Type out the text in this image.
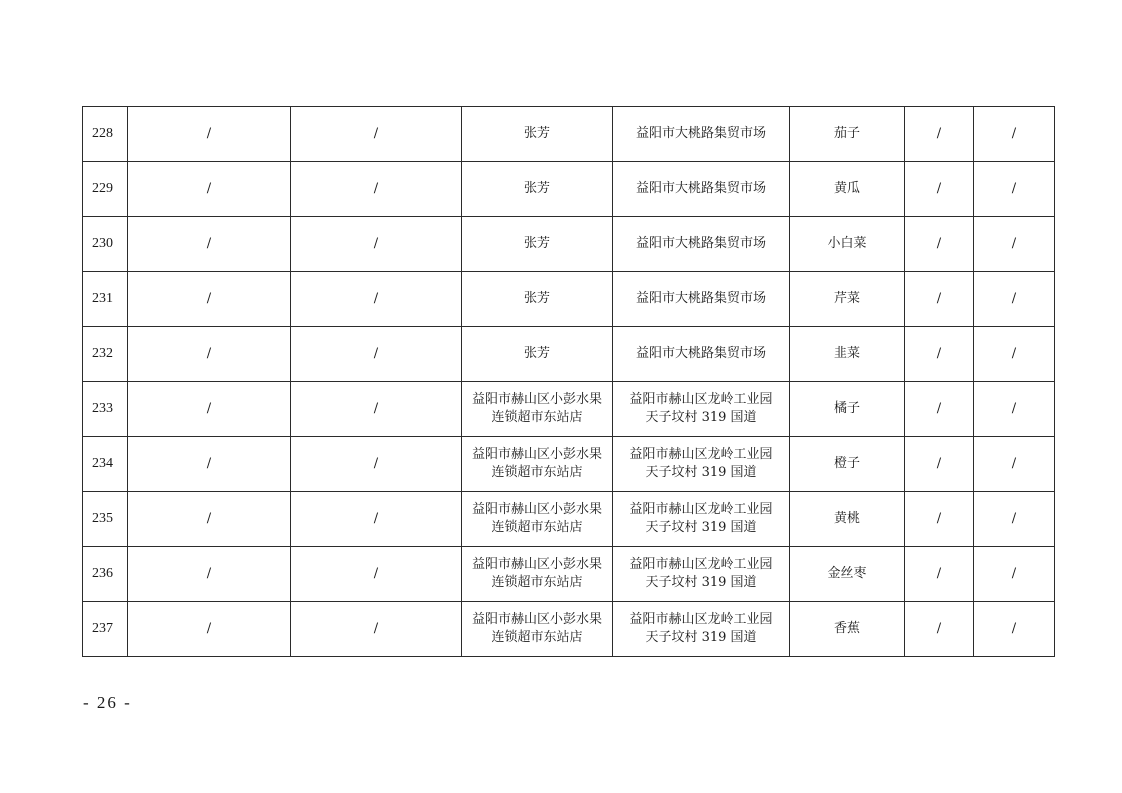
228	/	/	张芳	益阳市大桃路集贸市场	茄子	/	/
229	/	/	张芳	益阳市大桃路集贸市场	黄瓜	/	/
230	/	/	张芳	益阳市大桃路集贸市场	小白菜	/	/
231	/	/	张芳	益阳市大桃路集贸市场	芹菜	/	/
232	/	/	张芳	益阳市大桃路集贸市场	韭菜	/	/
233	/	/	益阳市赫山区小彭水果
连锁超市东站店	益阳市赫山区龙岭工业园
天子坟村 319 国道	橘子	/	/
234	/	/	益阳市赫山区小彭水果
连锁超市东站店	益阳市赫山区龙岭工业园
天子坟村 319 国道	橙子	/	/
235	/	/	益阳市赫山区小彭水果
连锁超市东站店	益阳市赫山区龙岭工业园
天子坟村 319 国道	黄桃	/	/
236	/	/	益阳市赫山区小彭水果
连锁超市东站店	益阳市赫山区龙岭工业园
天子坟村 319 国道	金丝枣	/	/
237	/	/	益阳市赫山区小彭水果
连锁超市东站店	益阳市赫山区龙岭工业园
天子坟村 319 国道	香蕉	/	/
- 26 -
